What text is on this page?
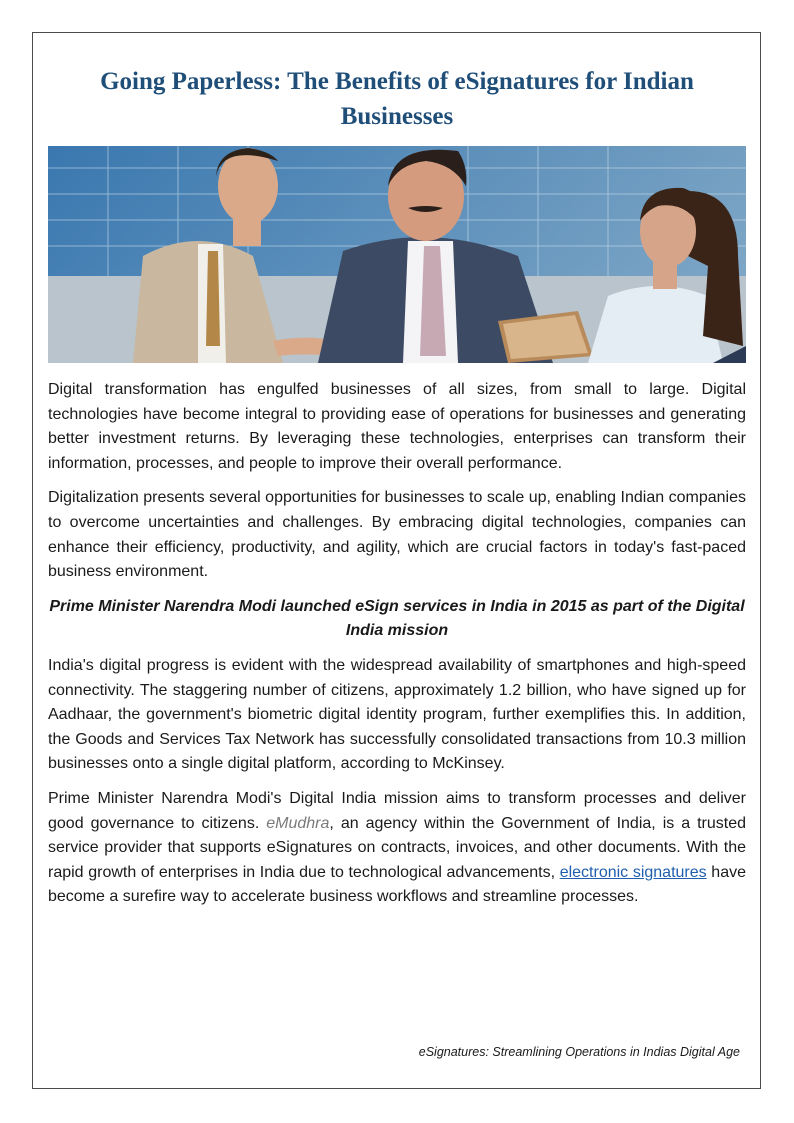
Going Paperless: The Benefits of eSignatures for Indian Businesses

Digital transformation has engulfed businesses of all sizes, from small to large. Digital technologies have become integral to providing ease of operations for businesses and generating better investment returns. By leveraging these technologies, enterprises can transform their information, processes, and people to improve their overall performance.

Digitalization presents several opportunities for businesses to scale up, enabling Indian companies to overcome uncertainties and challenges. By embracing digital technologies, companies can enhance their efficiency, productivity, and agility, which are crucial factors in today's fast-paced business environment.

Prime Minister Narendra Modi launched eSign services in India in 2015 as part of the Digital India mission

India's digital progress is evident with the widespread availability of smartphones and high-speed connectivity. The staggering number of citizens, approximately 1.2 billion, who have signed up for Aadhaar, the government's biometric digital identity program, further exemplifies this. In addition, the Goods and Services Tax Network has successfully consolidated transactions from 10.3 million businesses onto a single digital platform, according to McKinsey.

Prime Minister Narendra Modi's Digital India mission aims to transform processes and deliver good governance to citizens. eMudhra, an agency within the Government of India, is a trusted service provider that supports eSignatures on contracts, invoices, and other documents. With the rapid growth of enterprises in India due to technological advancements, electronic signatures have become a surefire way to accelerate business workflows and streamline processes.

eSignatures: Streamlining Operations in Indias Digital Age
